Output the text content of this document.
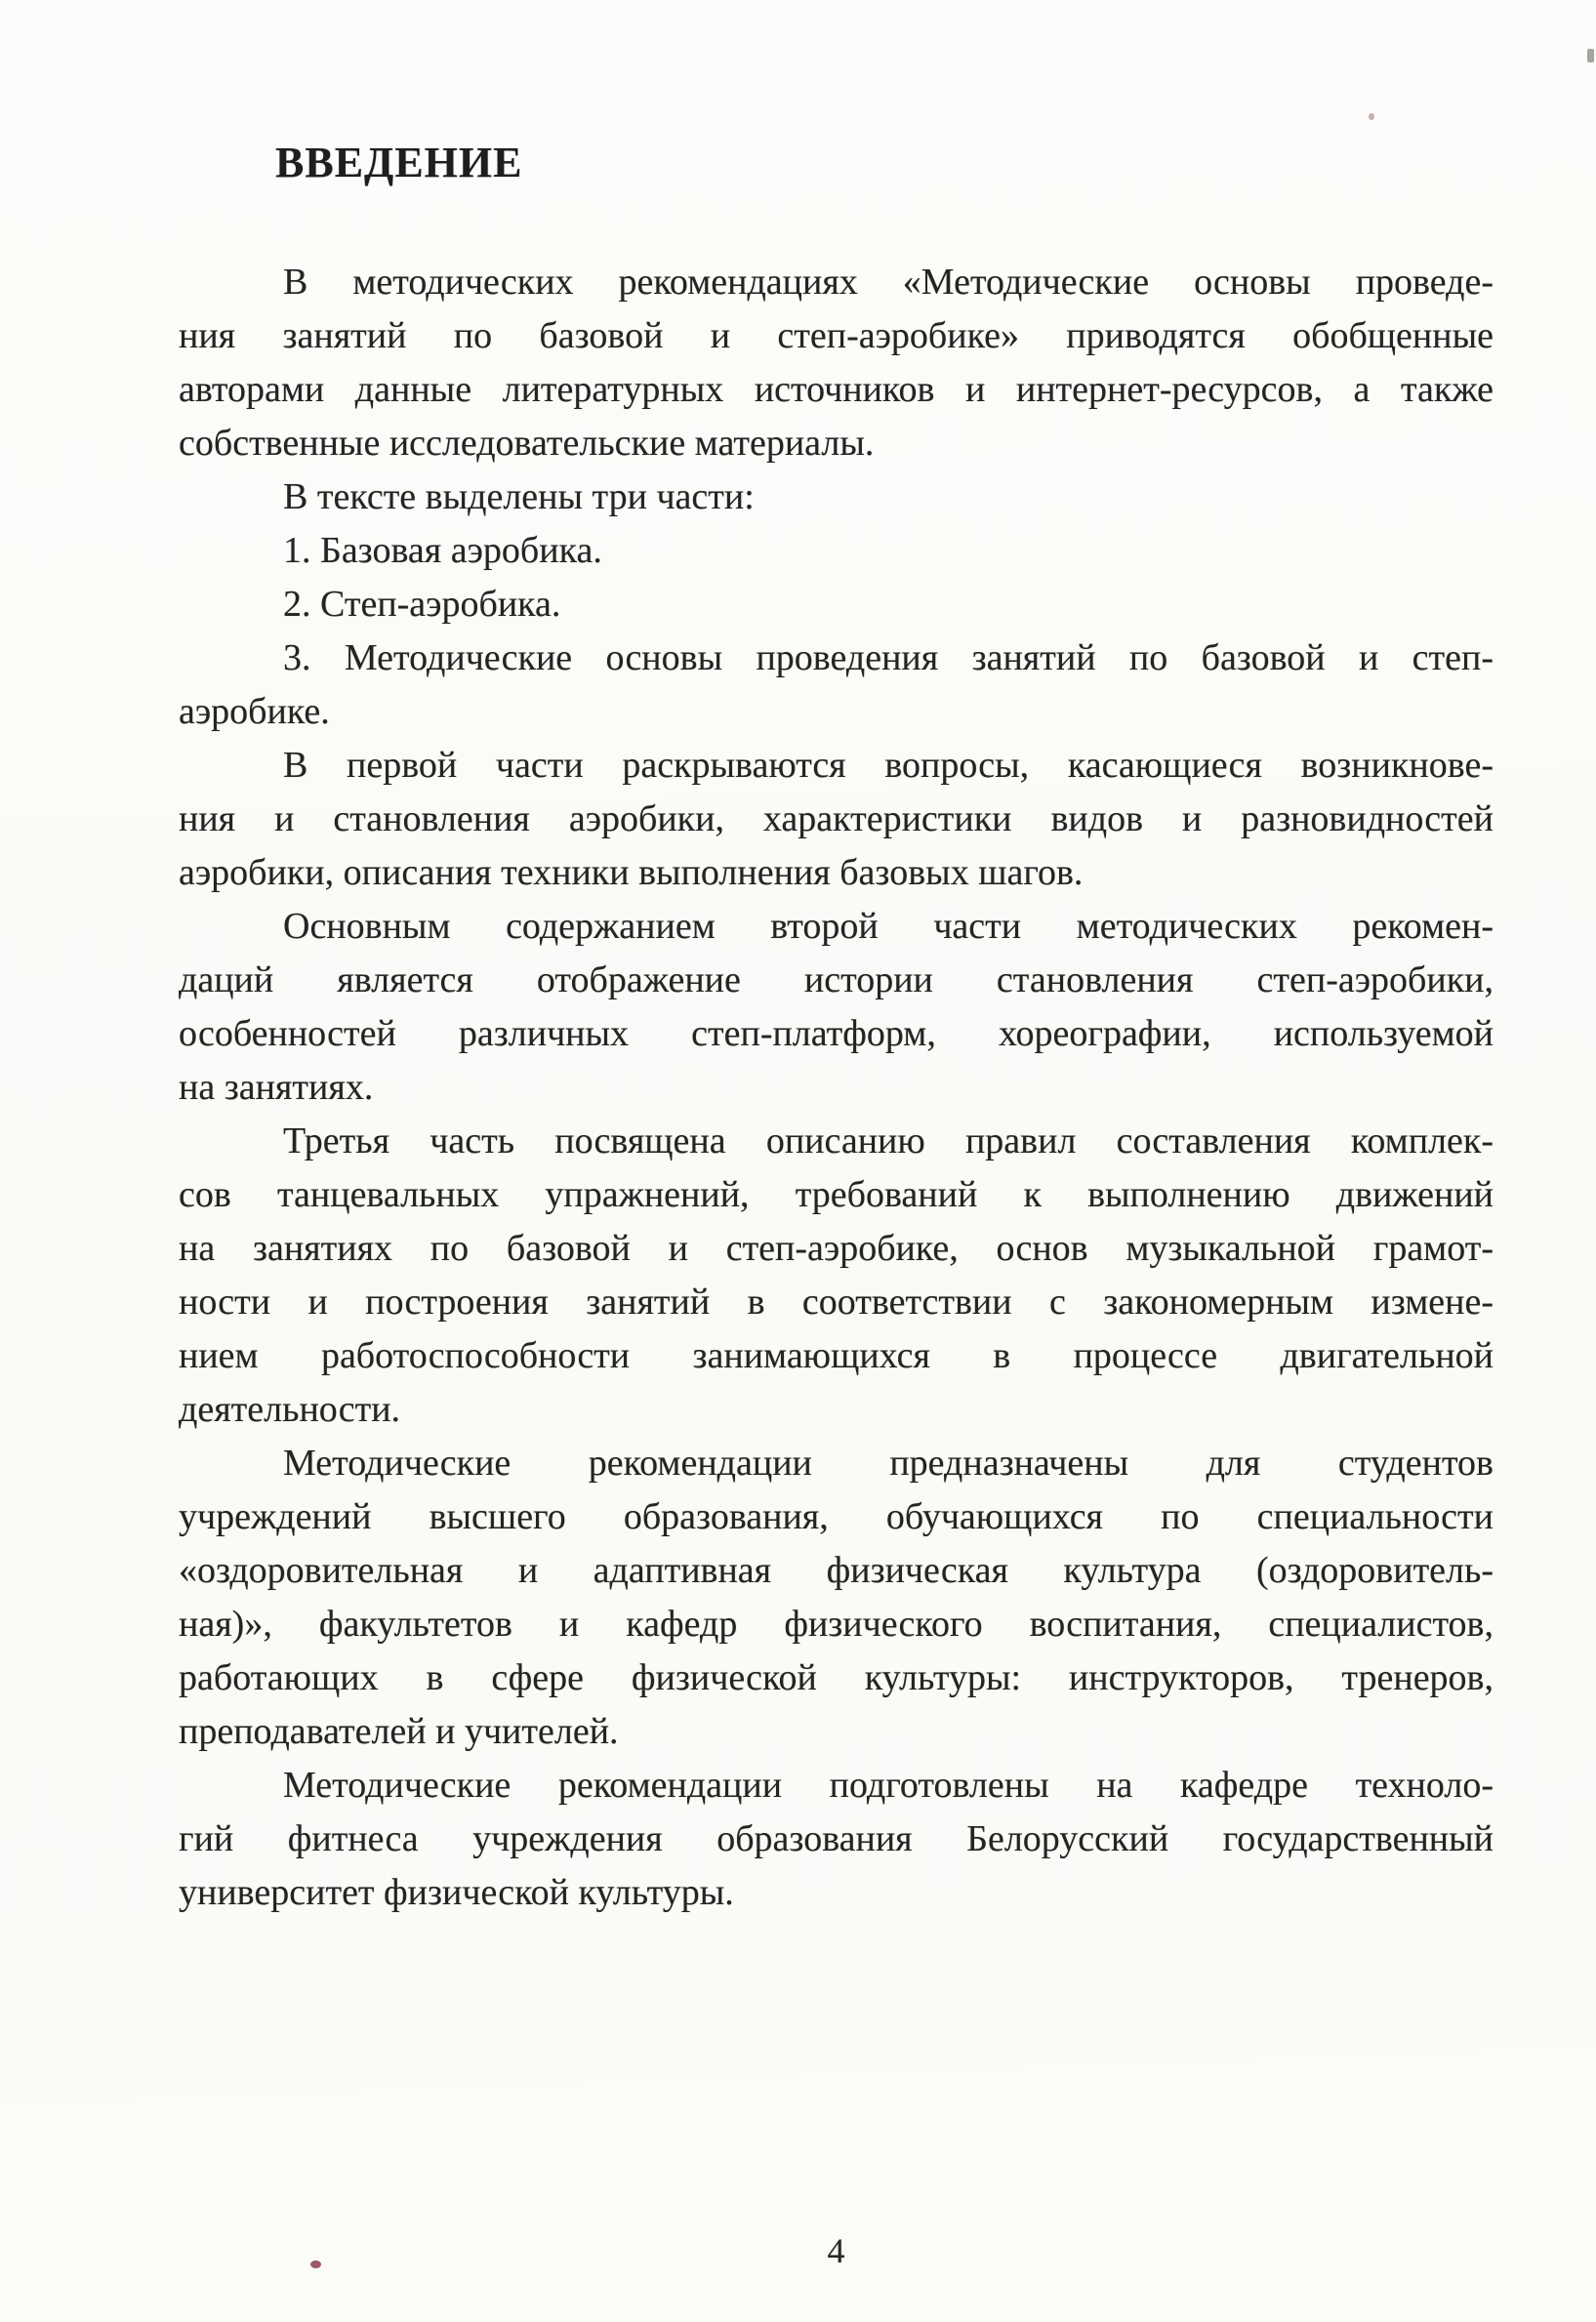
ВВЕДЕНИЕ
В методических рекомендациях «Методические основы проведе-
ния занятий по базовой и степ-аэробике» приводятся обобщенные
авторами данные литературных источников и интернет-ресурсов, а также
собственные исследовательские материалы.
В тексте выделены три части:
1. Базовая аэробика.
2. Степ-аэробика.
3. Методические основы проведения занятий по базовой и степ-
аэробике.
В первой части раскрываются вопросы, касающиеся возникнове-
ния и становления аэробики, характеристики видов и разновидностей
аэробики, описания техники выполнения базовых шагов.
Основным содержанием второй части методических рекомен-
даций является отображение истории становления степ-аэробики,
особенностей различных степ-платформ, хореографии, используемой
на занятиях.
Третья часть посвящена описанию правил составления комплек-
сов танцевальных упражнений, требований к выполнению движений
на занятиях по базовой и степ-аэробике, основ музыкальной грамот-
ности и построения занятий в соответствии с закономерным измене-
нием работоспособности занимающихся в процессе двигательной
деятельности.
Методические рекомендации предназначены для студентов
учреждений высшего образования, обучающихся по специальности
«оздоровительная и адаптивная физическая культура (оздоровитель-
ная)», факультетов и кафедр физического воспитания, специалистов,
работающих в сфере физической культуры: инструкторов, тренеров,
преподавателей и учителей.
Методические рекомендации подготовлены на кафедре техноло-
гий фитнеса учреждения образования Белорусский государственный
университет физической культуры.
4
